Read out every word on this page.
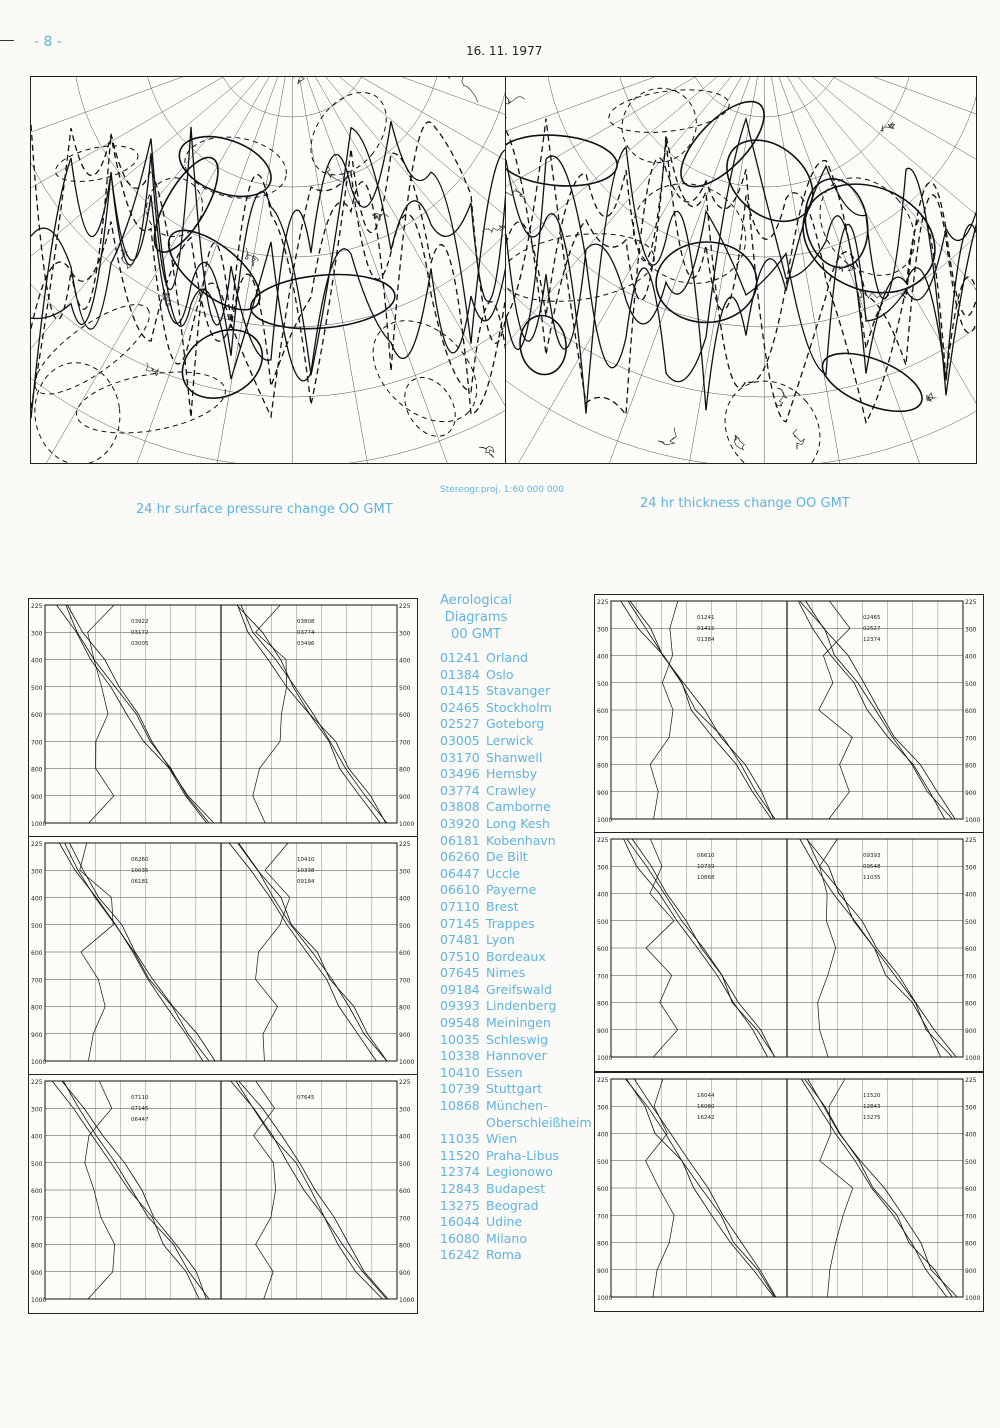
- 8 -
16. 11. 1977
24 hr surface pressure change OO GMT
Stereogr.proj. 1:60 000 000
24 hr thickness change OO GMT
225	225
300	300
400	400
500	500
600	600
700	700
800	800
900	900
1000	1000
03922
03172
03005
03808
03774
03496
225	225
300	300
400	400
500	500
600	600
700	700
800	800
900	900
1000	1000
06260
10035
06181
10410
10338
09184
225	225
300	300
400	400
500	500
600	600
700	700
800	800
900	900
1000	1000
07110
07145
06447
07645
225	225
300	300
400	400
500	500
600	600
700	700
800	800
900	900
1000	1000
01241
01415
01384
02465
02527
12374
225	225
300	300
400	400
500	500
600	600
700	700
800	800
900	900
1000	1000
06610
10739
10868
09393
09548
11035
225	225
300	300
400	400
500	500
600	600
700	700
800	800
900	900
1000	1000
16044
16080
16242
11520
12843
13275
Aerological
Diagrams
00 GMT
01241 Orland
01384 Oslo
01415 Stavanger
02465 Stockholm
02527 Goteborg
03005 Lerwick
03170 Shanwell
03496 Hemsby
03774 Crawley
03808 Camborne
03920 Long Kesh
06181 Kobenhavn
06260 De Bilt
06447 Uccle
06610 Payerne
07110 Brest
07145 Trappes
07481 Lyon
07510 Bordeaux
07645 Nimes
09184 Greifswald
09393 Lindenberg
09548 Meiningen
10035 Schleswig
10338 Hannover
10410 Essen
10739 Stuttgart
10868 München-
Oberschleißheim
11035 Wien
11520 Praha-Libus
12374 Legionowo
12843 Budapest
13275 Beograd
16044 Udine
16080 Milano
16242 Roma
